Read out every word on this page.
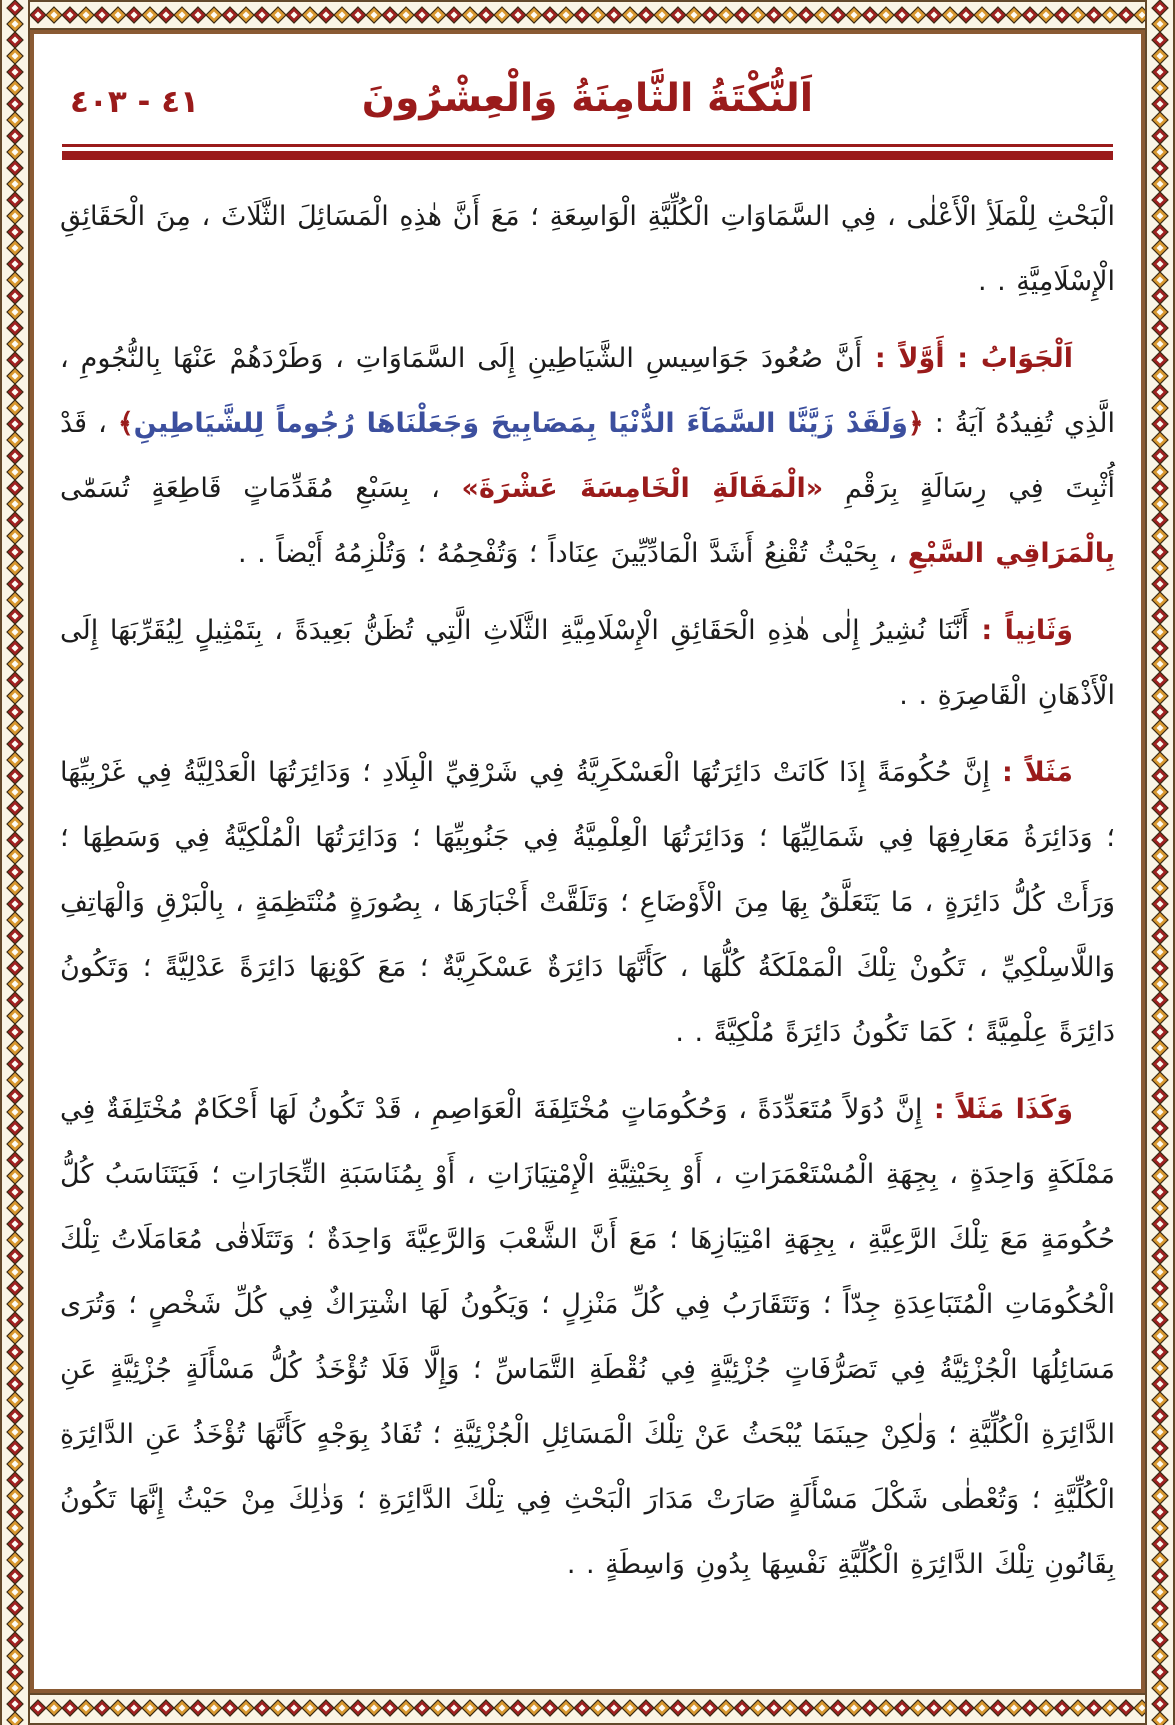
٤١ - ٤٠٣	اَلنُّكْتَةُ الثَّامِنَةُ وَالْعِشْرُونَ

الْبَحْثِ لِلْمَلَأِ الْأَعْلٰى ، فِي السَّمَاوَاتِ الْكُلِّيَّةِ الْوَاسِعَةِ ؛ مَعَ أَنَّ هٰذِهِ الْمَسَائِلَ الثَّلَاثَ ، مِنَ الْحَقَائِقِ الْإِسْلَامِيَّةِ . .

اَلْجَوَابُ : أَوَّلاً : أَنَّ صُعُودَ جَوَاسِيسِ الشَّيَاطِينِ إِلَى السَّمَاوَاتِ ، وَطَرْدَهُمْ عَنْهَا بِالنُّجُومِ ، الَّذِي تُفِيدُهُ آيَةُ : ﴿وَلَقَدْ زَيَّنَّا السَّمَآءَ الدُّنْيَا بِمَصَابِيحَ وَجَعَلْنَاهَا رُجُوماً لِلشَّيَاطِينِ﴾ ، قَدْ أُثْبِتَ فِي رِسَالَةٍ بِرَقْمِ «الْمَقَالَةِ الْخَامِسَةَ عَشْرَةَ» ، بِسَبْعِ مُقَدِّمَاتٍ قَاطِعَةٍ تُسَمّٰى بِالْمَرَاقِي السَّبْعِ ، بِحَيْثُ تُقْنِعُ أَشَدَّ الْمَادِّيِّينَ عِنَاداً ؛ وَتُفْحِمُهُ ؛ وَتُلْزِمُهُ أَيْضاً . .

وَثَانِياً : أَنَّنَا نُشِيرُ إِلٰى هٰذِهِ الْحَقَائِقِ الْإِسْلَامِيَّةِ الثَّلَاثِ الَّتِي تُظَنُّ بَعِيدَةً ، بِتَمْثِيلٍ لِيُقَرِّبَهَا إِلَى الْأَذْهَانِ الْقَاصِرَةِ . .

مَثَلاً : إِنَّ حُكُومَةً إِذَا كَانَتْ دَائِرَتُهَا الْعَسْكَرِيَّةُ فِي شَرْقِيِّ الْبِلَادِ ؛ وَدَائِرَتُهَا الْعَدْلِيَّةُ فِي غَرْبِيِّهَا ؛ وَدَائِرَةُ مَعَارِفِهَا فِي شَمَالِيِّهَا ؛ وَدَائِرَتُهَا الْعِلْمِيَّةُ فِي جَنُوبِيِّهَا ؛ وَدَائِرَتُهَا الْمُلْكِيَّةُ فِي وَسَطِهَا ؛ وَرَأَتْ كُلُّ دَائِرَةٍ ، مَا يَتَعَلَّقُ بِهَا مِنَ الْأَوْضَاعِ ؛ وَتَلَقَّتْ أَخْبَارَهَا ، بِصُورَةٍ مُنْتَظِمَةٍ ، بِالْبَرْقِ وَالْهَاتِفِ وَاللَّاسِلْكِيِّ ، تَكُونْ تِلْكَ الْمَمْلَكَةُ كُلُّهَا ، كَأَنَّهَا دَائِرَةٌ عَسْكَرِيَّةٌ ؛ مَعَ كَوْنِهَا دَائِرَةً عَدْلِيَّةً ؛ وَتَكُونُ دَائِرَةً عِلْمِيَّةً ؛ كَمَا تَكُونُ دَائِرَةً مُلْكِيَّةً . .

وَكَذَا مَثَلاً : إِنَّ دُوَلاً مُتَعَدِّدَةً ، وَحُكُومَاتٍ مُخْتَلِفَةَ الْعَوَاصِمِ ، قَدْ تَكُونُ لَهَا أَحْكَامٌ مُخْتَلِفَةٌ فِي مَمْلَكَةٍ وَاحِدَةٍ ، بِجِهَةِ الْمُسْتَعْمَرَاتِ ، أَوْ بِحَيْثِيَّةِ الْإِمْتِيَازَاتِ ، أَوْ بِمُنَاسَبَةِ التِّجَارَاتِ ؛ فَيَتَنَاسَبُ كُلُّ حُكُومَةٍ مَعَ تِلْكَ الرَّعِيَّةِ ، بِجِهَةِ امْتِيَازِهَا ؛ مَعَ أَنَّ الشَّعْبَ وَالرَّعِيَّةَ وَاحِدَةٌ ؛ وَتَتَلَاقٰى مُعَامَلَاتُ تِلْكَ الْحُكُومَاتِ الْمُتَبَاعِدَةِ جِدّاً ؛ وَتَتَقَارَبُ فِي كُلِّ مَنْزِلٍ ؛ وَيَكُونُ لَهَا اشْتِرَاكٌ فِي كُلِّ شَخْصٍ ؛ وَتُرَى مَسَائِلُهَا الْجُزْئِيَّةُ فِي تَصَرُّفَاتٍ جُزْئِيَّةٍ فِي نُقْطَةِ التَّمَاسِّ ؛ وَإِلَّا فَلَا تُؤْخَذُ كُلُّ مَسْأَلَةٍ جُزْئِيَّةٍ عَنِ الدَّائِرَةِ الْكُلِّيَّةِ ؛ وَلٰكِنْ حِينَمَا يُبْحَثُ عَنْ تِلْكَ الْمَسَائِلِ الْجُزْئِيَّةِ ؛ تُفَادُ بِوَجْهٍ كَأَنَّهَا تُؤْخَذُ عَنِ الدَّائِرَةِ الْكُلِّيَّةِ ؛ وَتُعْطٰى شَكْلَ مَسْأَلَةٍ صَارَتْ مَدَارَ الْبَحْثِ فِي تِلْكَ الدَّائِرَةِ ؛ وَذٰلِكَ مِنْ حَيْثُ إِنَّهَا تَكُونُ بِقَانُونِ تِلْكَ الدَّائِرَةِ الْكُلِّيَّةِ نَفْسِهَا بِدُونِ وَاسِطَةٍ . .
